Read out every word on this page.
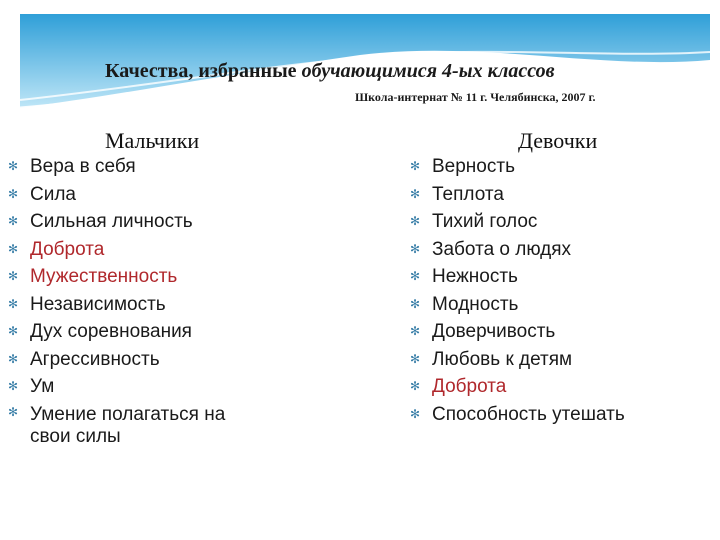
Качества, избранные обучающимися 4-ых классов
Школа-интернат № 11 г. Челябинска, 2007 г.
Мальчики	Девочки
✻ Вера в себя
✻ Сила
✻ Сильная личность
✻ Доброта
✻ Мужественность
✻ Независимость
✻ Дух соревнования
✻ Агрессивность
✻ Ум
✻ Умение полагаться на свои силы
✻ Верность
✻ Теплота
✻ Тихий голос
✻ Забота о людях
✻ Нежность
✻ Модность
✻ Доверчивость
✻ Любовь к детям
✻ Доброта
✻ Способность утешать
